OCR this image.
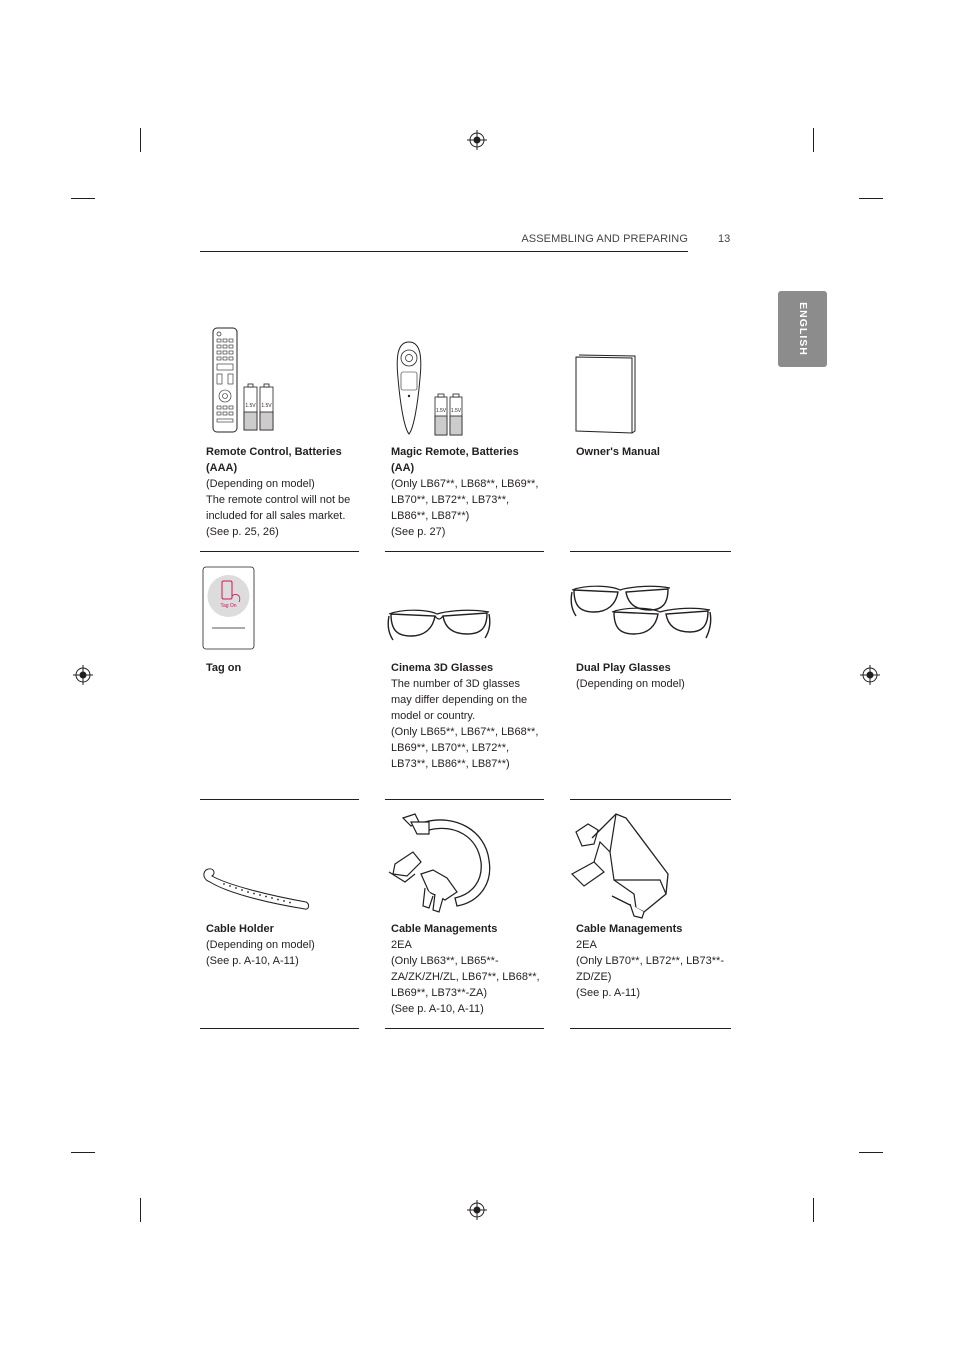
ASSEMBLING AND PREPARING	13
ENGLISH
1.5V 1.5V
Remote Control, Batteries (AAA)
(Depending on model)
The remote control will not be included for all sales market.
(See p. 25, 26)
1.5V 1.5V
Magic Remote, Batteries (AA)
(Only LB67**, LB68**, LB69**, LB70**, LB72**, LB73**, LB86**, LB87**)
(See p. 27)
Owner's Manual
Tag On
Tag on	Cinema 3D Glasses
The number of 3D glasses may differ depending on the model or country.
(Only LB65**, LB67**, LB68**, LB69**, LB70**, LB72**, LB73**, LB86**, LB87**)
Dual Play Glasses
(Depending on model)
Cable Holder
(Depending on model)
(See p. A-10, A-11)
Cable Managements
2EA
(Only LB63**, LB65**-ZA/ZK/ZH/ZL, LB67**, LB68**, LB69**, LB73**-ZA)
(See p. A-10, A-11)
Cable Managements
2EA
(Only LB70**, LB72**, LB73**-ZD/ZE)
(See p. A-11)
